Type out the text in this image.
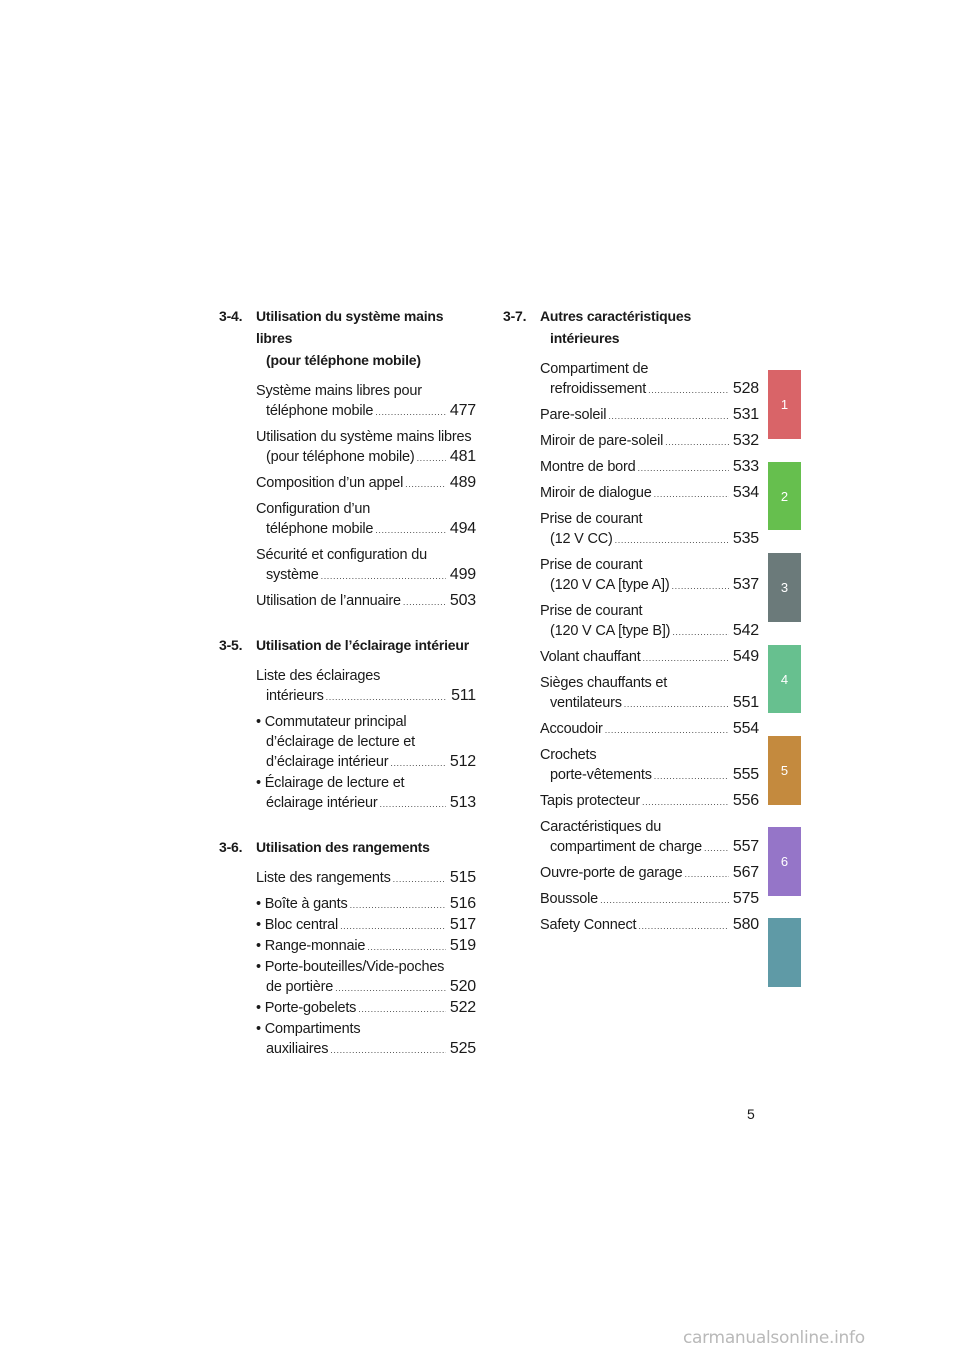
3-4. Utilisation du système mains libres
(pour téléphone mobile)
Système mains libres pour
téléphone mobile .....	477
Utilisation du système mains libres
(pour téléphone mobile) ..... 481
Composition d’un appel .....	489
Configuration d’un
téléphone mobile .....	494
Sécurité et configuration du
système .....	499
Utilisation de l’annuaire .....	503
3-5. Utilisation de l’éclairage intérieur
Liste des éclairages
intérieurs .....	511
• Commutateur principal
d’éclairage de lecture et
d’éclairage intérieur .....	512
• Éclairage de lecture et
éclairage intérieur .....	513
3-6. Utilisation des rangements
Liste des rangements .....	515
• Boîte à gants .....	516
• Bloc central .....	517
• Range-monnaie .....	519
• Porte-bouteilles/Vide-poches
de portière .....	520
• Porte-gobelets .....	522
• Compartiments
auxiliaires .....	525
3-7. Autres caractéristiques
intérieures
Compartiment de
refroidissement .....	528
Pare-soleil .....	531
Miroir de pare-soleil .....	532
Montre de bord .....	533
Miroir de dialogue .....	534
Prise de courant
(12 V CC) .....	535
Prise de courant
(120 V CA [type A]) .....	537
Prise de courant
(120 V CA [type B]) .....	542
Volant chauffant .....	549
Sièges chauffants et
ventilateurs .....	551
Accoudoir .....	554
Crochets
porte-vêtements .....	555
Tapis protecteur .....	556
Caractéristiques du
compartiment de charge ..... 557
Ouvre-porte de garage .....	567
Boussole .....	575
Safety Connect .....	580
1
2
3
4
5
6
5
carmanualsonline.info
